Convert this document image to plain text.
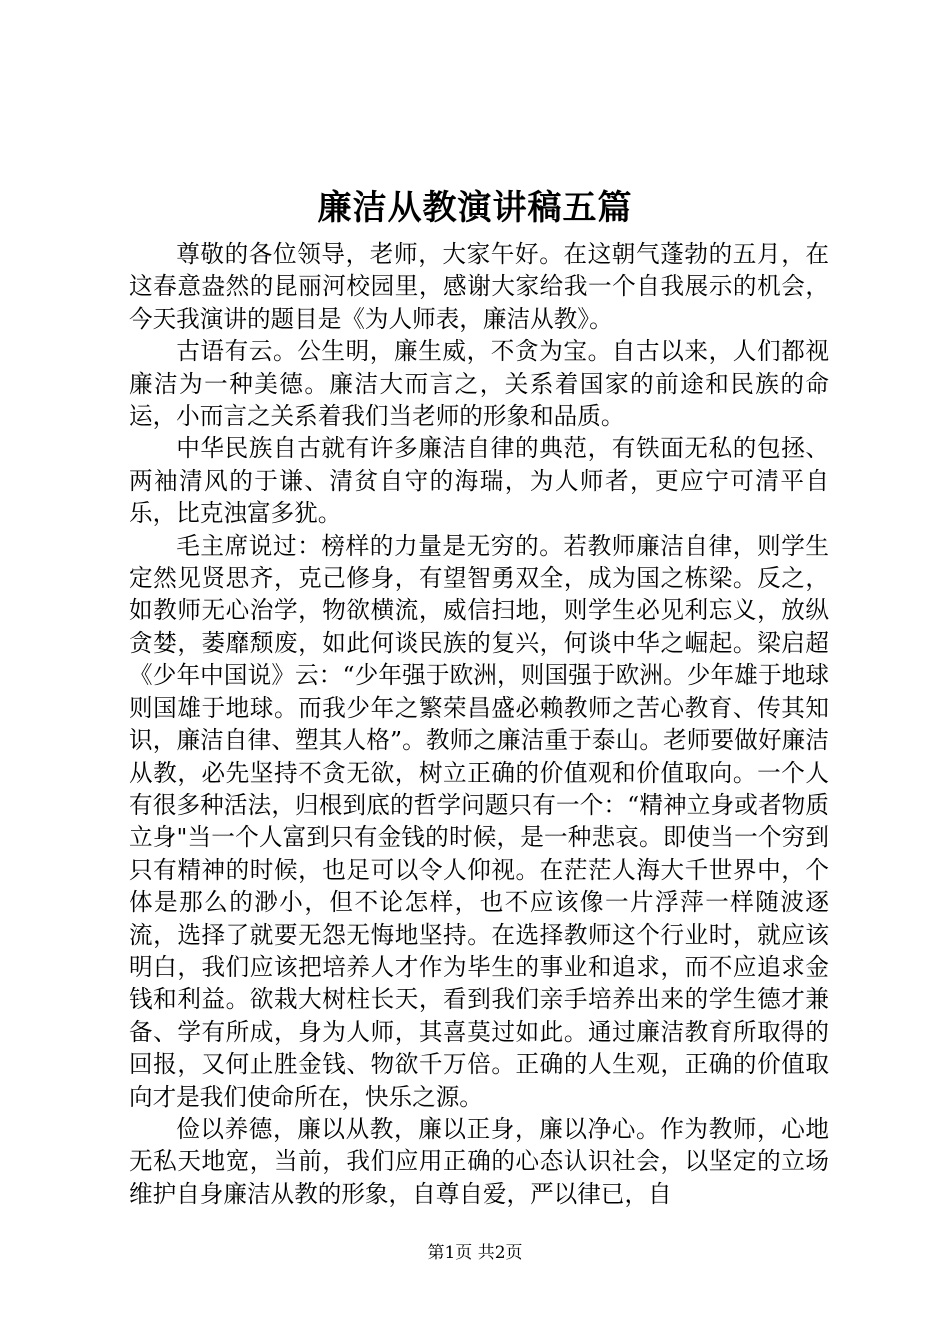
廉洁从教演讲稿五篇

尊敬的各位领导，老师，大家午好。在这朝气蓬勃的五月，在这春意盎然的昆丽河校园里，感谢大家给我一个自我展示的机会，今天我演讲的题目是《为人师表，廉洁从教》。

古语有云。公生明，廉生威，不贪为宝。自古以来，人们都视廉洁为一种美德。廉洁大而言之，关系着国家的前途和民族的命运，小而言之关系着我们当老师的形象和品质。

中华民族自古就有许多廉洁自律的典范，有铁面无私的包拯、两袖清风的于谦、清贫自守的海瑞，为人师者，更应宁可清平自乐，比克浊富多犹。

毛主席说过：榜样的力量是无穷的。若教师廉洁自律，则学生定然见贤思齐，克己修身，有望智勇双全，成为国之栋梁。反之，如教师无心治学，物欲横流，威信扫地，则学生必见利忘义，放纵贪婪，萎靡颓废，如此何谈民族的复兴，何谈中华之崛起。梁启超《少年中国说》云：“少年强于欧洲，则国强于欧洲。少年雄于地球则国雄于地球。而我少年之繁荣昌盛必赖教师之苦心教育、传其知识，廉洁自律、塑其人格”。教师之廉洁重于泰山。老师要做好廉洁从教，必先坚持不贪无欲，树立正确的价值观和价值取向。一个人有很多种活法，归根到底的哲学问题只有一个：“精神立身或者物质立身"当一个人富到只有金钱的时候，是一种悲哀。即使当一个穷到只有精神的时候，也足可以令人仰视。在茫茫人海大千世界中，个体是那么的渺小，但不论怎样，也不应该像一片浮萍一样随波逐流，选择了就要无怨无悔地坚持。在选择教师这个行业时，就应该明白，我们应该把培养人才作为毕生的事业和追求，而不应追求金钱和利益。欲栽大树柱长天，看到我们亲手培养出来的学生德才兼备、学有所成，身为人师，其喜莫过如此。通过廉洁教育所取得的回报，又何止胜金钱、物欲千万倍。正确的人生观，正确的价值取向才是我们使命所在，快乐之源。

俭以养德，廉以从教，廉以正身，廉以净心。作为教师，心地无私天地宽，当前，我们应用正确的心态认识社会，以坚定的立场维护自身廉洁从教的形象，自尊自爱，严以律已，自

第1页 共2页
